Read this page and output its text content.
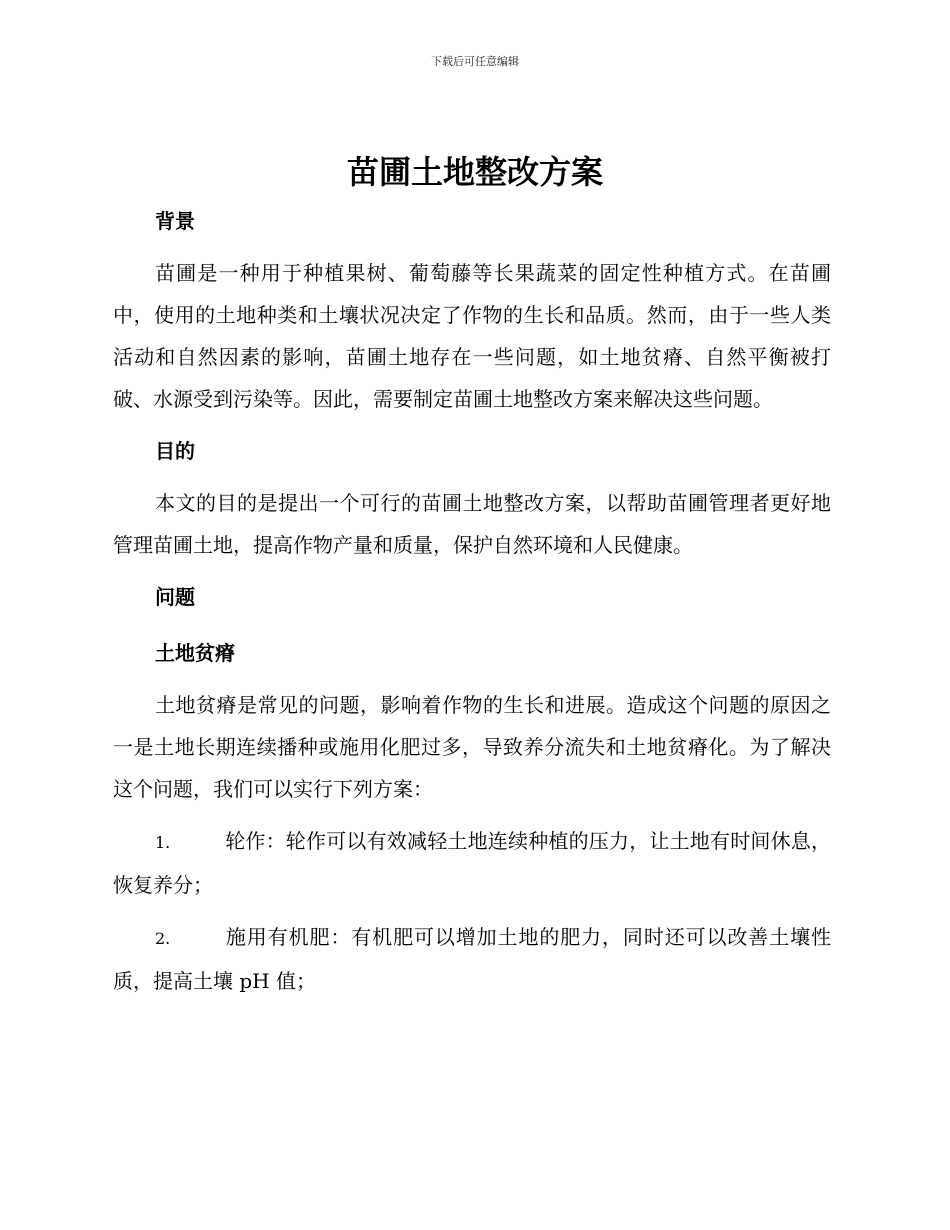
下载后可任意编辑
苗圃土地整改方案

背景

苗圃是一种用于种植果树、葡萄藤等长果蔬菜的固定性种植方式。在苗圃中，使用的土地种类和土壤状况决定了作物的生长和品质。然而，由于一些人类活动和自然因素的影响，苗圃土地存在一些问题，如土地贫瘠、自然平衡被打破、水源受到污染等。因此，需要制定苗圃土地整改方案来解决这些问题。

目的

本文的目的是提出一个可行的苗圃土地整改方案，以帮助苗圃管理者更好地管理苗圃土地，提高作物产量和质量，保护自然环境和人民健康。

问题

土地贫瘠

土地贫瘠是常见的问题，影响着作物的生长和进展。造成这个问题的原因之一是土地长期连续播种或施用化肥过多，导致养分流失和土地贫瘠化。为了解决这个问题，我们可以实行下列方案：

1.	轮作：轮作可以有效减轻土地连续种植的压力，让土地有时间休息，恢复养分；

2.	施用有机肥：有机肥可以增加土地的肥力，同时还可以改善土壤性质，提高土壤 pH 值；
